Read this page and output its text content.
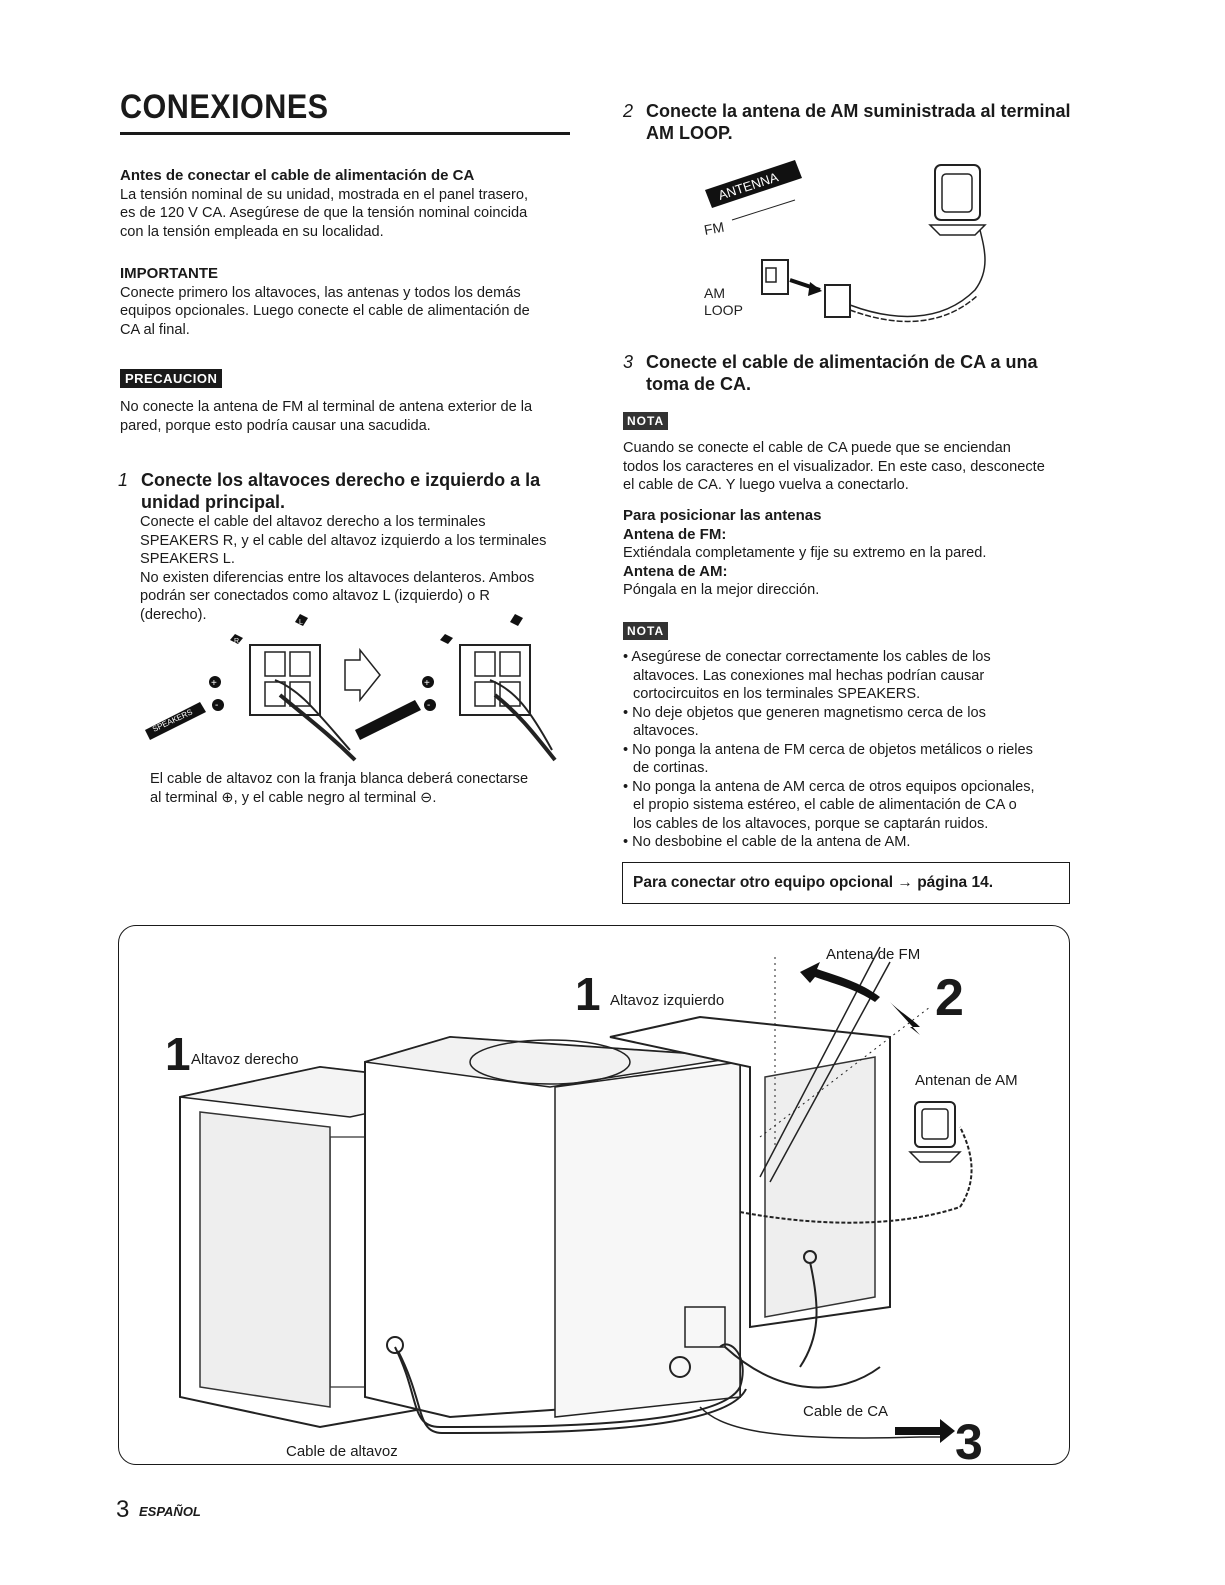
CONEXIONES
Antes de conectar el cable de alimentación de CA
La tensión nominal de su unidad, mostrada en el panel trasero,
es de 120 V CA. Asegúrese de que la tensión nominal coincida
con la tensión empleada en su localidad.
IMPORTANTE
Conecte primero los altavoces, las antenas y todos los demás
equipos opcionales. Luego conecte el cable de alimentación de
CA al final.
PRECAUCION
No conecte la antena de FM al terminal de antena exterior de la
pared, porque esto podría causar una sacudida.
1 Conecte los altavoces derecho e izquierdo a la
unidad principal.
Conecte el cable del altavoz derecho a los terminales
SPEAKERS R, y el cable del altavoz izquierdo a los terminales
SPEAKERS L.
No existen diferencias entre los altavoces delanteros. Ambos
podrán ser conectados como altavoz L (izquierdo) o R
(derecho).
R
L
+
-
SPEAKERS
+
-
El cable de altavoz con la franja blanca deberá conectarse
al terminal ⊕, y el cable negro al terminal ⊖.
2 Conecte la antena de AM suministrada al terminal
AM LOOP.
ANTENNA
FM
AM
LOOP
3 Conecte el cable de alimentación de CA a una
toma de CA.
NOTA
Cuando se conecte el cable de CA puede que se enciendan
todos los caracteres en el visualizador. En este caso, desconecte
el cable de CA. Y luego vuelva a conectarlo.
Para posicionar las antenas
Antena de FM:
Extiéndala completamente y fije su extremo en la pared.
Antena de AM:
Póngala en la mejor dirección.
NOTA
• Asegúrese de conectar correctamente los cables de los
altavoces. Las conexiones mal hechas podrían causar
cortocircuitos en los terminales SPEAKERS.
• No deje objetos que generen magnetismo cerca de los
altavoces.
• No ponga la antena de FM cerca de objetos metálicos o rieles
de cortinas.
• No ponga la antena de AM cerca de otros equipos opcionales,
el propio sistema estéreo, el cable de alimentación de CA o
los cables de los altavoces, porque se captarán ruidos.
• No desbobine el cable de la antena de AM.
Para conectar otro equipo opcional → página 14.
Antena de FM
1 Altavoz izquierdo	2
1 Altavoz derecho
Antenan de AM
Cable de CA
3
Cable de altavoz
3 ESPAÑOL
